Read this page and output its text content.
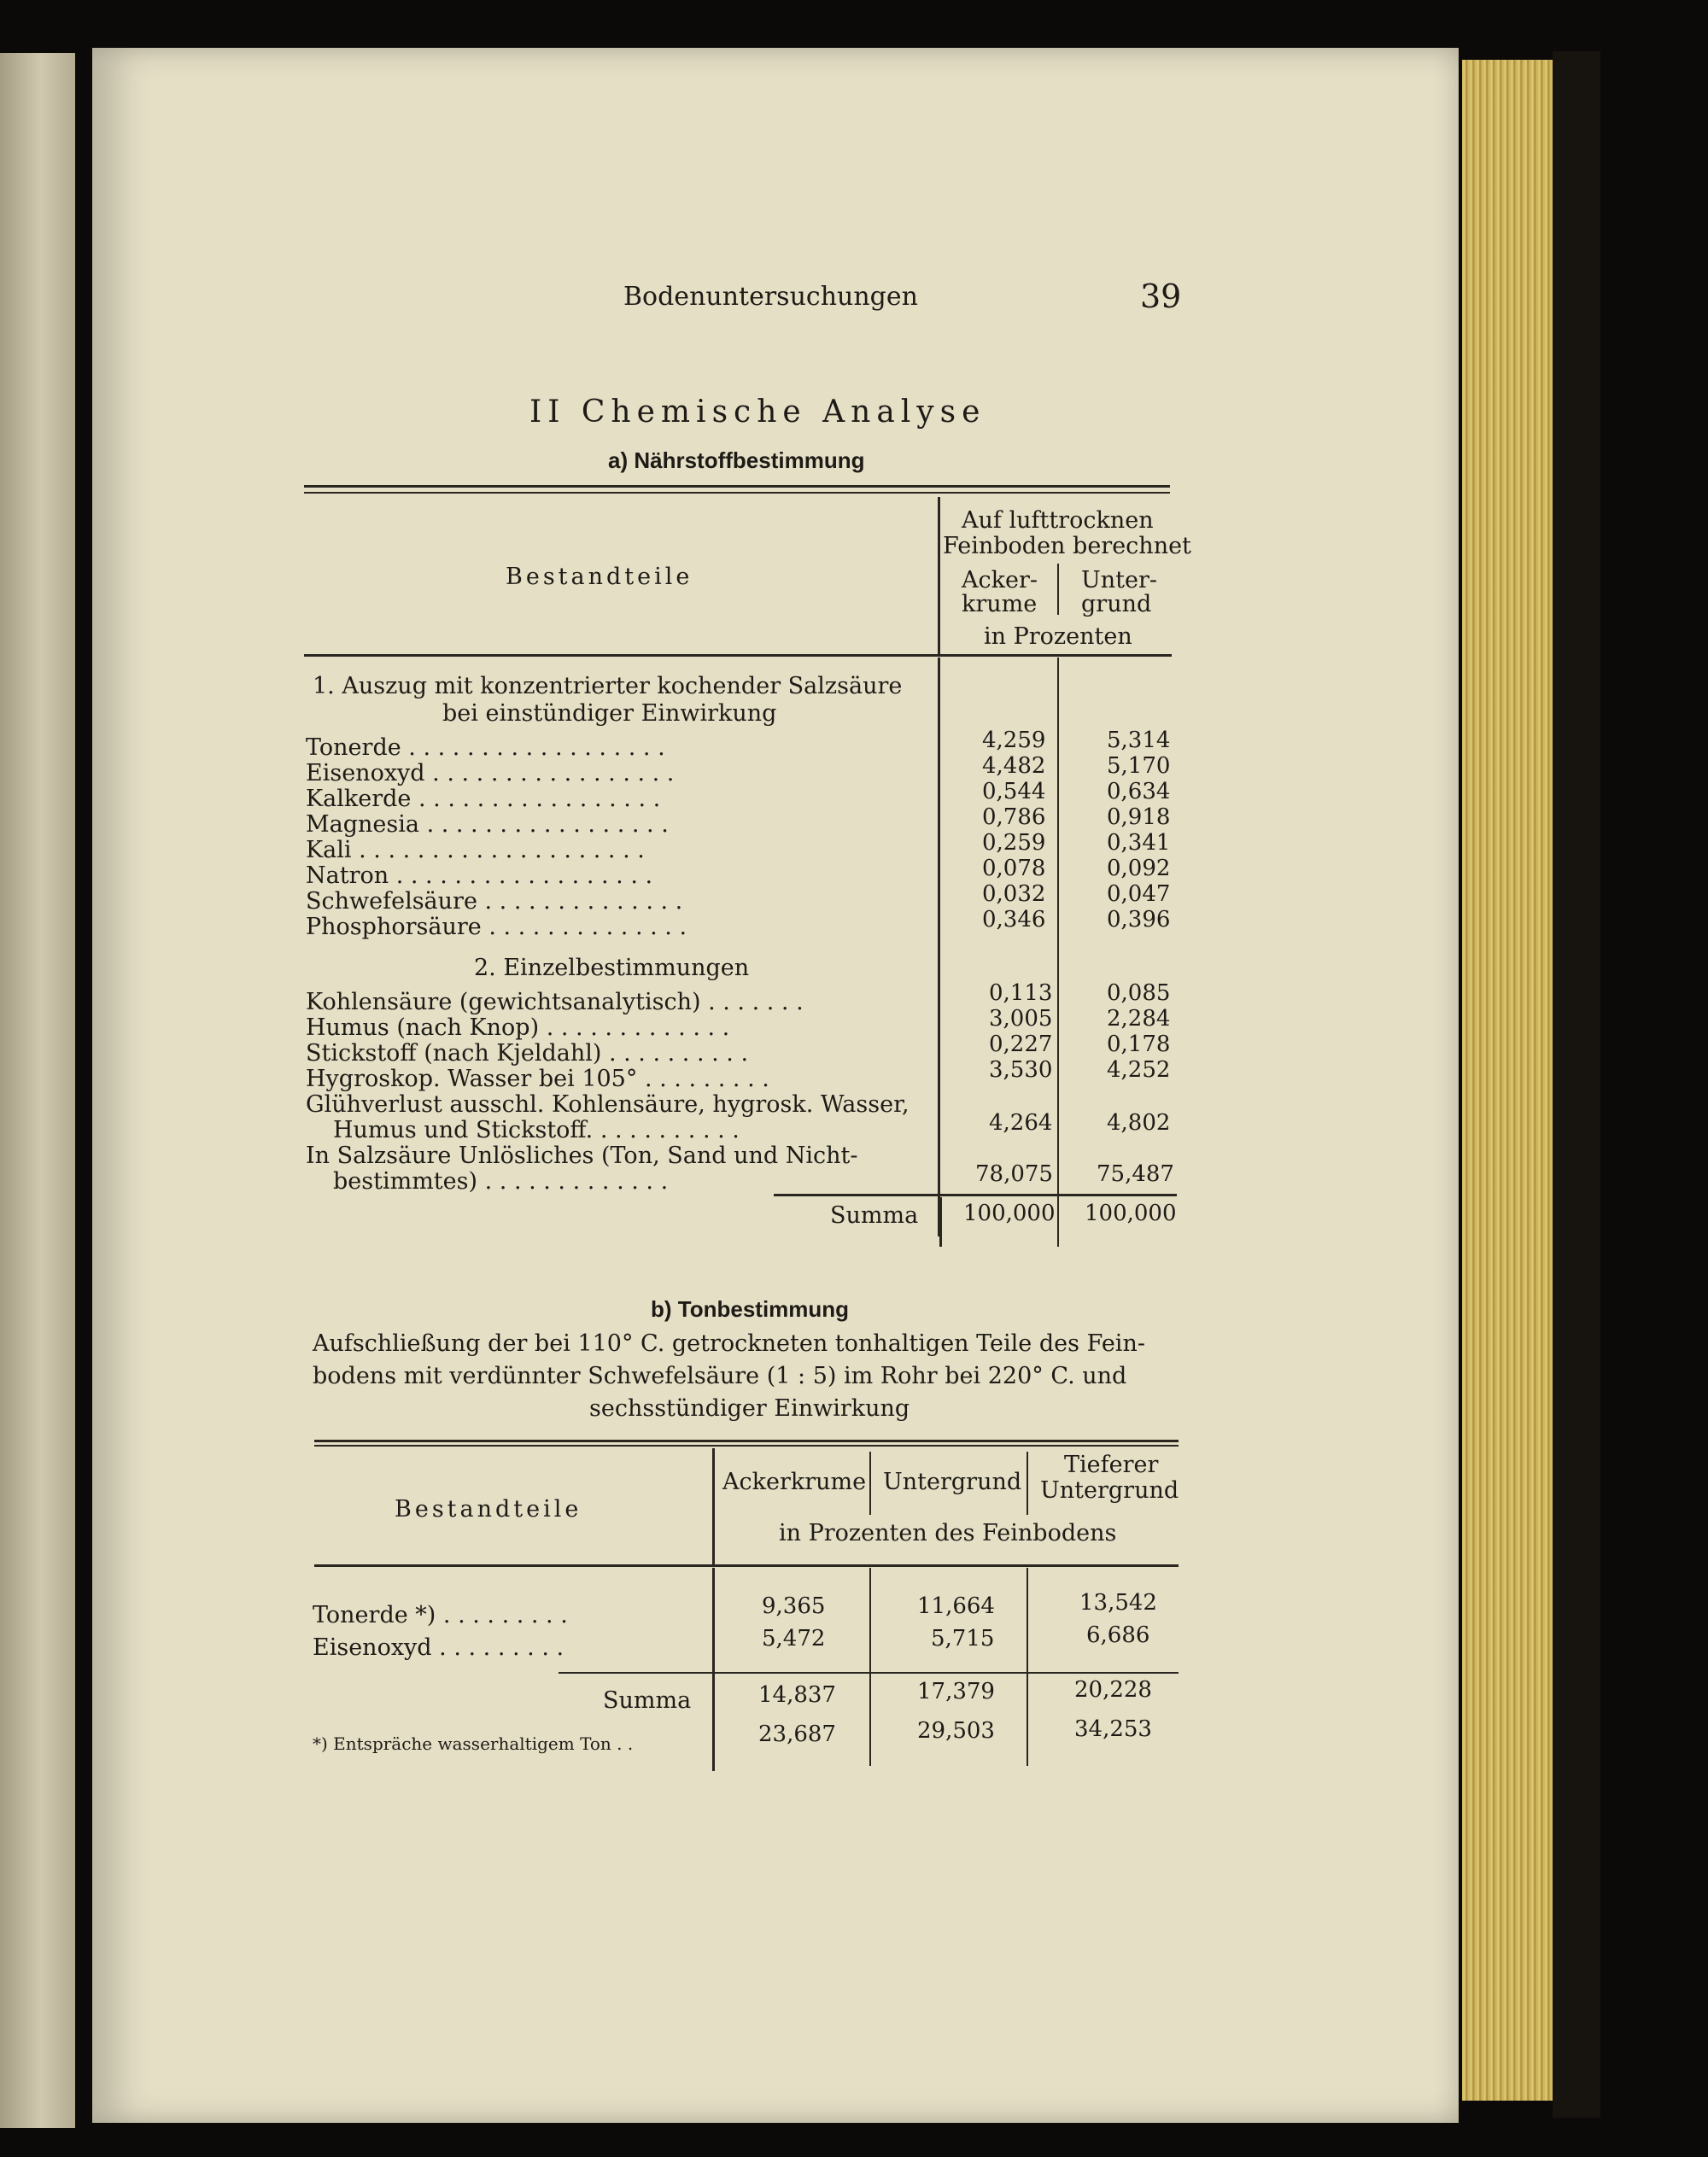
Bodenuntersuchungen	39
II Chemische Analyse
a) Nährstoffbestimmung
Bestandteile
Auf lufttrocknen
Feinboden berechnet
Acker-
krume
Unter-
grund
in Prozenten
1. Auszug mit konzentrierter kochender Salzsäure
bei einstündiger Einwirkung
Tonerde . . . . . . . . . . . . . . . . . .	4,259	5,314
Eisenoxyd . . . . . . . . . . . . . . . . .	4,482	5,170
Kalkerde . . . . . . . . . . . . . . . . .	0,544	0,634
Magnesia . . . . . . . . . . . . . . . . .	0,786	0,918
Kali . . . . . . . . . . . . . . . . . . . .	0,259	0,341
Natron . . . . . . . . . . . . . . . . . .	0,078	0,092
Schwefelsäure . . . . . . . . . . . . . .	0,032	0,047
Phosphorsäure . . . . . . . . . . . . . .	0,346	0,396
2. Einzelbestimmungen
Kohlensäure (gewichtsanalytisch) . . . . . . .	0,113 0,085
Humus (nach Knop) . . . . . . . . . . . . .	3,005 2,284
Stickstoff (nach Kjeldahl) . . . . . . . . . .	0,227 0,178
Hygroskop. Wasser bei 105° . . . . . . . . .	3,530 4,252
Glühverlust ausschl. Kohlensäure, hygrosk. Wasser,
Humus und Stickstoff. . . . . . . . . . .	4,264 4,802
In Salzsäure Unlösliches (Ton, Sand und Nicht-
bestimmtes) . . . . . . . . . . . . .	78,075 75,487
Summa 100,000 100,000
b) Tonbestimmung
Aufschließung der bei 110° C. getrockneten tonhaltigen Teile des Fein-
bodens mit verdünnter Schwefelsäure (1 : 5) im Rohr bei 220° C. und
sechsstündiger Einwirkung
Bestandteile
Ackerkrume Untergrund
Tieferer
Untergrund
in Prozenten des Feinbodens
Tonerde *) . . . . . . . . .	9,365	11,664	13,542
Eisenoxyd . . . . . . . . .	5,472	5,715	6,686
Summa	14,837	17,379	20,228
*) Entspräche wasserhaltigem Ton . .	23,687	29,503	34,253
